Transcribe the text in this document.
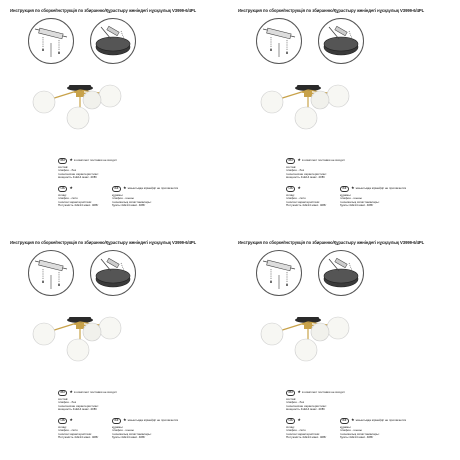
Инструкция по сборке/Інструкція по збиранню/Құрастыру жөніндегі нұсқаулық V3999-6/4PL
RU ★в комплект поставки не входит
состав:
плафон - без
технические характеристики:
мощность 4xE14 макс. 40Вт
UA ★	KZ ★жиынтыққа кірмейді/ не прилагается
склад:
плафон - скло
технічні характеристики:
Потужність 4xE14 макс. 40Вт
құрамы:
плафон - шыны
техникалық сипаттамалары:
Қуаты 4xE14 макс. 40Вт
Инструкция по сборке/Інструкція по збиранню/Құрастыру жөніндегі нұсқаулық V3999-6/4PL
RU ★в комплект поставки не входит
состав:
плафон - без
технические характеристики:
мощность 4xE14 макс. 40Вт
UA ★	KZ ★жиынтыққа кірмейді/ не прилагается
склад:
плафон - скло
технічні характеристики:
Потужність 4xE14 макс. 40Вт
құрамы:
плафон - шыны
техникалық сипаттамалары:
Қуаты 4xE14 макс. 40Вт
Инструкция по сборке/Інструкція по збиранню/Құрастыру жөніндегі нұсқаулық V3999-6/4PL
RU ★в комплект поставки не входит
состав:
плафон - без
технические характеристики:
мощность 4xE14 макс. 40Вт
UA ★	KZ ★жиынтыққа кірмейді/ не прилагается
склад:
плафон - скло
технічні характеристики:
Потужність 4xE14 макс. 40Вт
құрамы:
плафон - шыны
техникалық сипаттамалары:
Қуаты 4xE14 макс. 40Вт
Инструкция по сборке/Інструкція по збиранню/Құрастыру жөніндегі нұсқаулық V3999-6/4PL
RU ★в комплект поставки не входит
состав:
плафон - без
технические характеристики:
мощность 4xE14 макс. 40Вт
UA ★	KZ ★жиынтыққа кірмейді/ не прилагается
склад:
плафон - скло
технічні характеристики:
Потужність 4xE14 макс. 40Вт
құрамы:
плафон - шыны
техникалық сипаттамалары:
Қуаты 4xE14 макс. 40Вт
